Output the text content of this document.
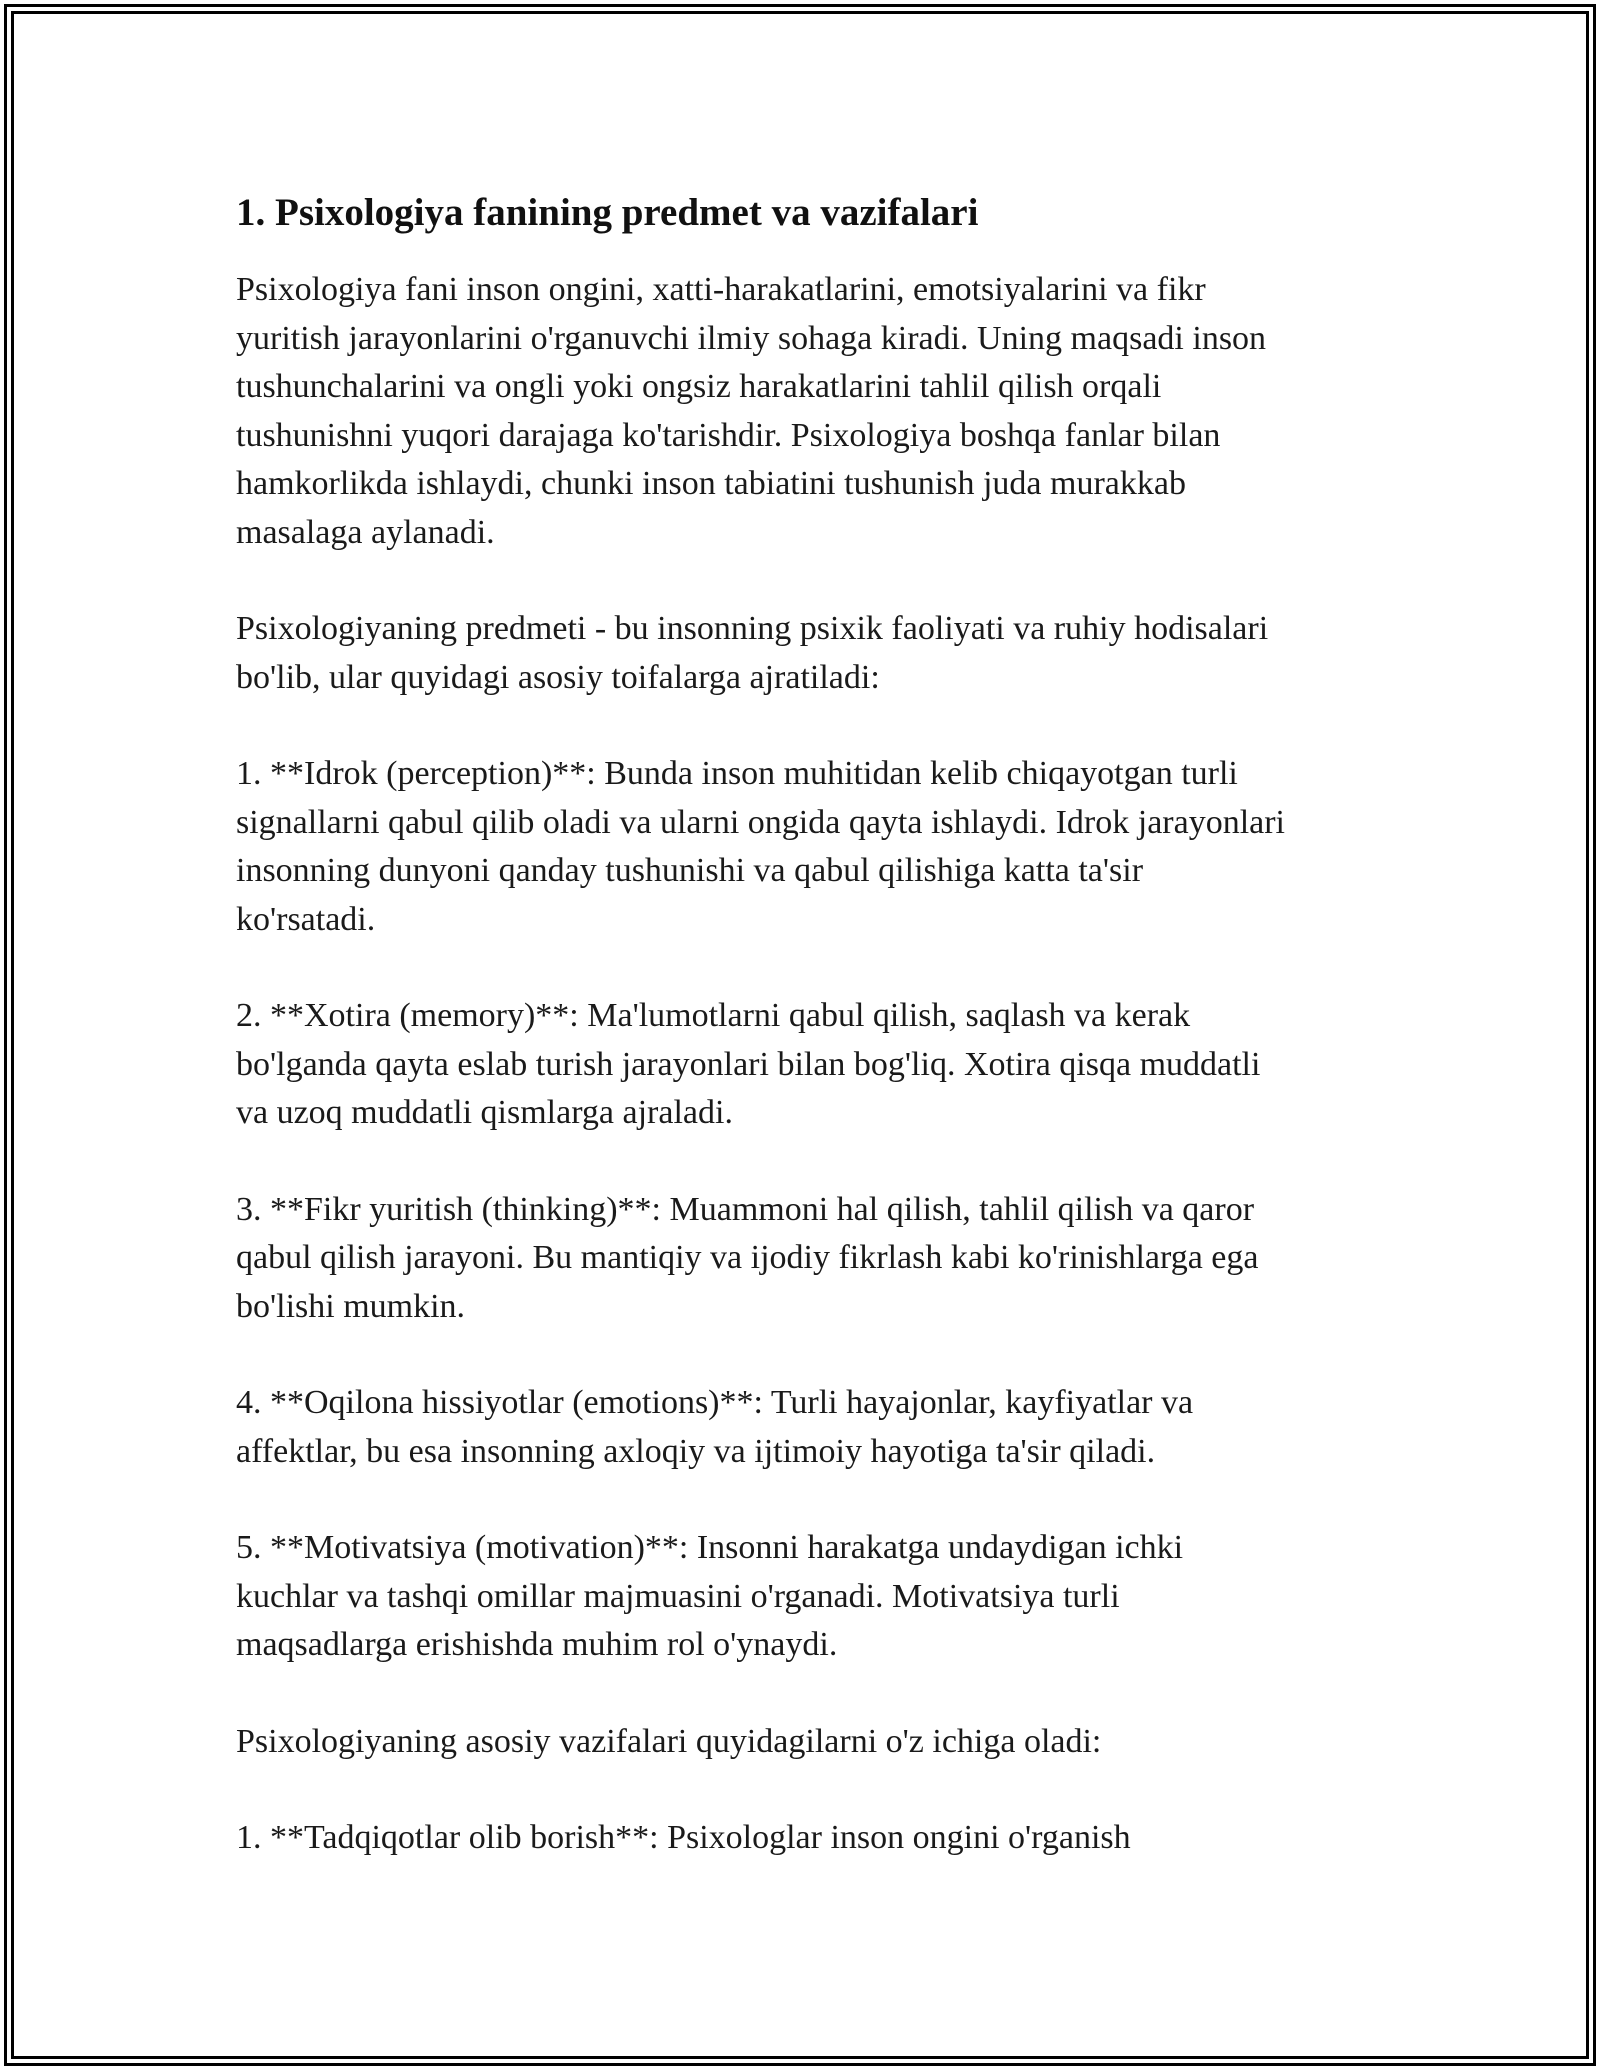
1. Psixologiya fanining predmet va vazifalari

Psixologiya fani inson ongini, xatti-harakatlarini, emotsiyalarini va fikr
yuritish jarayonlarini o'rganuvchi ilmiy sohaga kiradi. Uning maqsadi inson
tushunchalarini va ongli yoki ongsiz harakatlarini tahlil qilish orqali
tushunishni yuqori darajaga ko'tarishdir. Psixologiya boshqa fanlar bilan
hamkorlikda ishlaydi, chunki inson tabiatini tushunish juda murakkab
masalaga aylanadi.

Psixologiyaning predmeti - bu insonning psixik faoliyati va ruhiy hodisalari
bo'lib, ular quyidagi asosiy toifalarga ajratiladi:

1. **Idrok (perception)**: Bunda inson muhitidan kelib chiqayotgan turli
signallarni qabul qilib oladi va ularni ongida qayta ishlaydi. Idrok jarayonlari
insonning dunyoni qanday tushunishi va qabul qilishiga katta ta'sir
ko'rsatadi.

2. **Xotira (memory)**: Ma'lumotlarni qabul qilish, saqlash va kerak
bo'lganda qayta eslab turish jarayonlari bilan bog'liq. Xotira qisqa muddatli
va uzoq muddatli qismlarga ajraladi.

3. **Fikr yuritish (thinking)**: Muammoni hal qilish, tahlil qilish va qaror
qabul qilish jarayoni. Bu mantiqiy va ijodiy fikrlash kabi ko'rinishlarga ega
bo'lishi mumkin.

4. **Oqilona hissiyotlar (emotions)**: Turli hayajonlar, kayfiyatlar va
affektlar, bu esa insonning axloqiy va ijtimoiy hayotiga ta'sir qiladi.

5. **Motivatsiya (motivation)**: Insonni harakatga undaydigan ichki
kuchlar va tashqi omillar majmuasini o'rganadi. Motivatsiya turli
maqsadlarga erishishda muhim rol o'ynaydi.

Psixologiyaning asosiy vazifalari quyidagilarni o'z ichiga oladi:

1. **Tadqiqotlar olib borish**: Psixologlar inson ongini o'rganish
